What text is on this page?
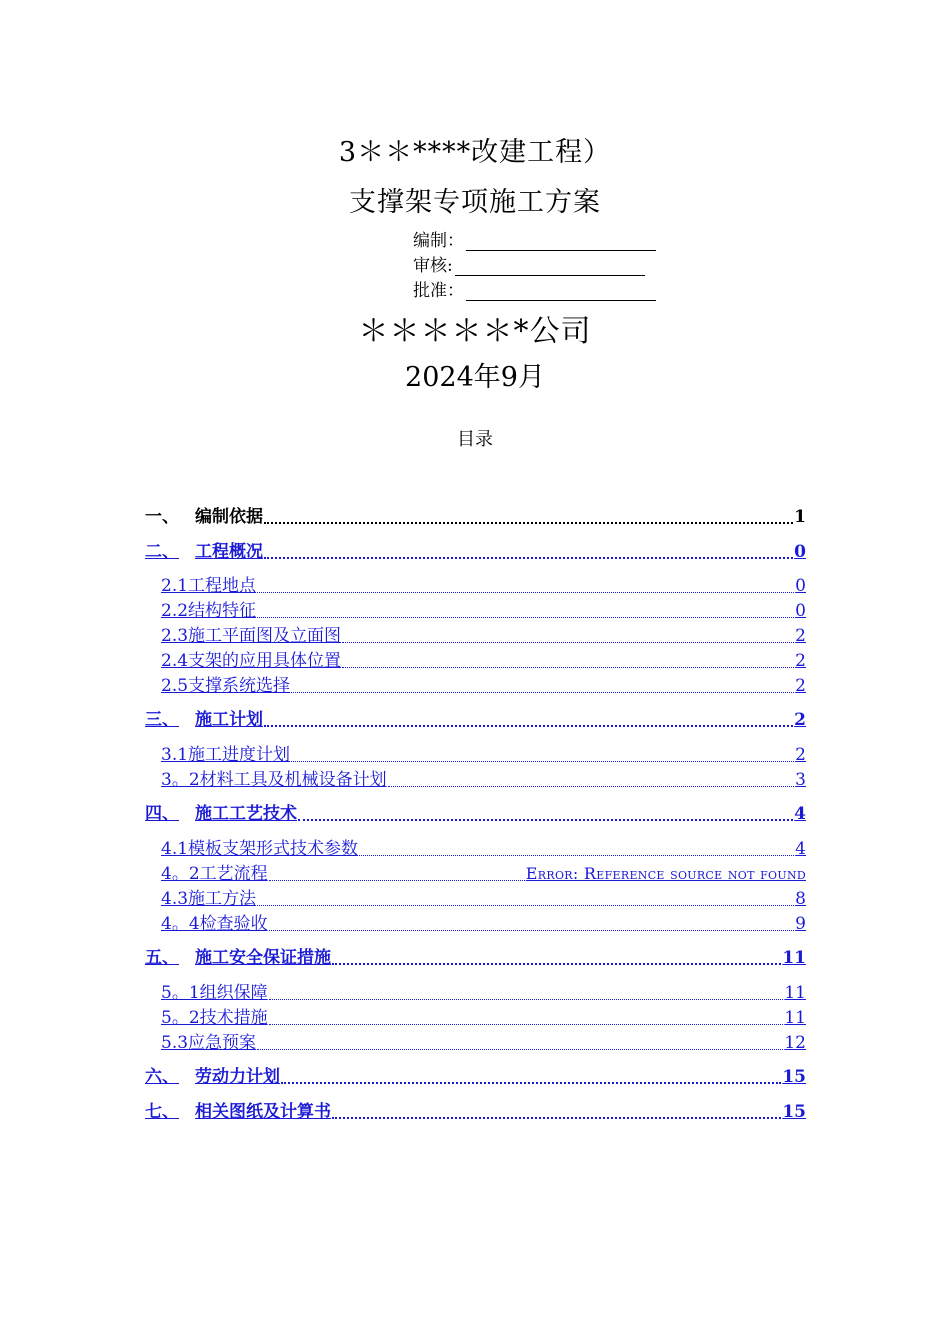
3＊＊****改建工程）
支撑架专项施工方案
编制：
审核:
批准：
＊＊＊＊＊*公司
2024年9月
目录
一、 编制依据	1
二、 工程概况	0
2.1工程地点	0
2.2结构特征	0
2.3施工平面图及立面图	2
2.4支架的应用具体位置	2
2.5支撑系统选择	2
三、 施工计划	2
3.1施工进度计划	2
3。2材料工具及机械设备计划	3
四、 施工工艺技术	4
4.1模板支架形式技术参数	4
4。2工艺流程	Error: Reference source not found
4.3施工方法	8
4。4检查验收	9
五、 施工安全保证措施	11
5。1组织保障	11
5。2技术措施	11
5.3应急预案	12
六、 劳动力计划	15
七、 相关图纸及计算书	15
